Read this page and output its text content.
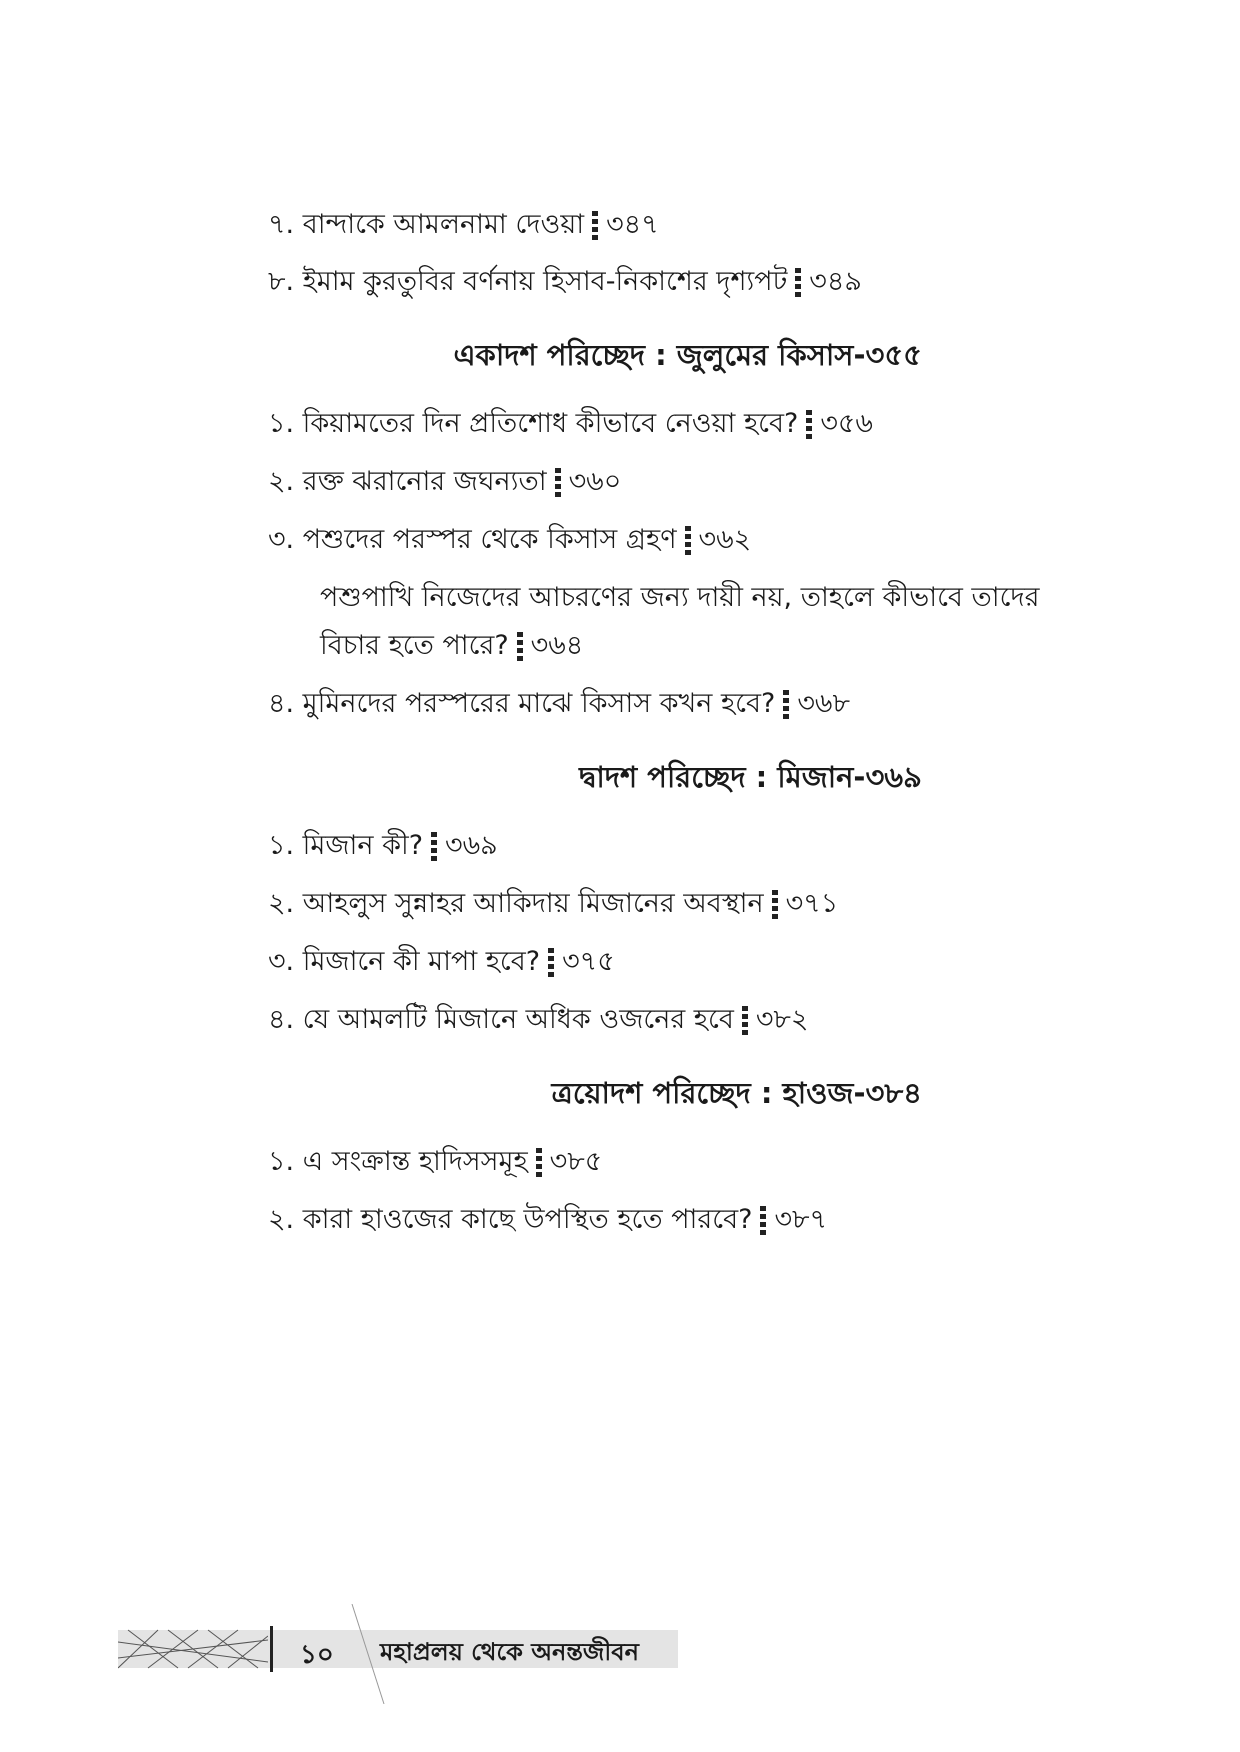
৭. বান্দাকে আমলনামা দেওয়া ৩৪৭
৮. ইমাম কুরতুবির বর্ণনায় হিসাব-নিকাশের দৃশ্যপট ৩৪৯
একাদশ পরিচ্ছেদ : জুলুমের কিসাস-৩৫৫
১. কিয়ামতের দিন প্রতিশোধ কীভাবে নেওয়া হবে? ৩৫৬
২. রক্ত ঝরানোর জঘন্যতা ৩৬০
৩. পশুদের পরস্পর থেকে কিসাস গ্রহণ ৩৬২
পশুপাখি নিজেদের আচরণের জন্য দায়ী নয়, তাহলে কীভাবে তাদের
বিচার হতে পারে? ৩৬৪
৪. মুমিনদের পরস্পরের মাঝে কিসাস কখন হবে? ৩৬৮
দ্বাদশ পরিচ্ছেদ : মিজান-৩৬৯
১. মিজান কী? ৩৬৯
২. আহলুস সুন্নাহর আকিদায় মিজানের অবস্থান ৩৭১
৩. মিজানে কী মাপা হবে? ৩৭৫
৪. যে আমলটি মিজানে অধিক ওজনের হবে ৩৮২
ত্রয়োদশ পরিচ্ছেদ : হাওজ-৩৮৪
১. এ সংক্রান্ত হাদিসসমূহ ৩৮৫
২. কারা হাওজের কাছে উপস্থিত হতে পারবে? ৩৮৭
১০ মহাপ্রলয় থেকে অনন্তজীবন
